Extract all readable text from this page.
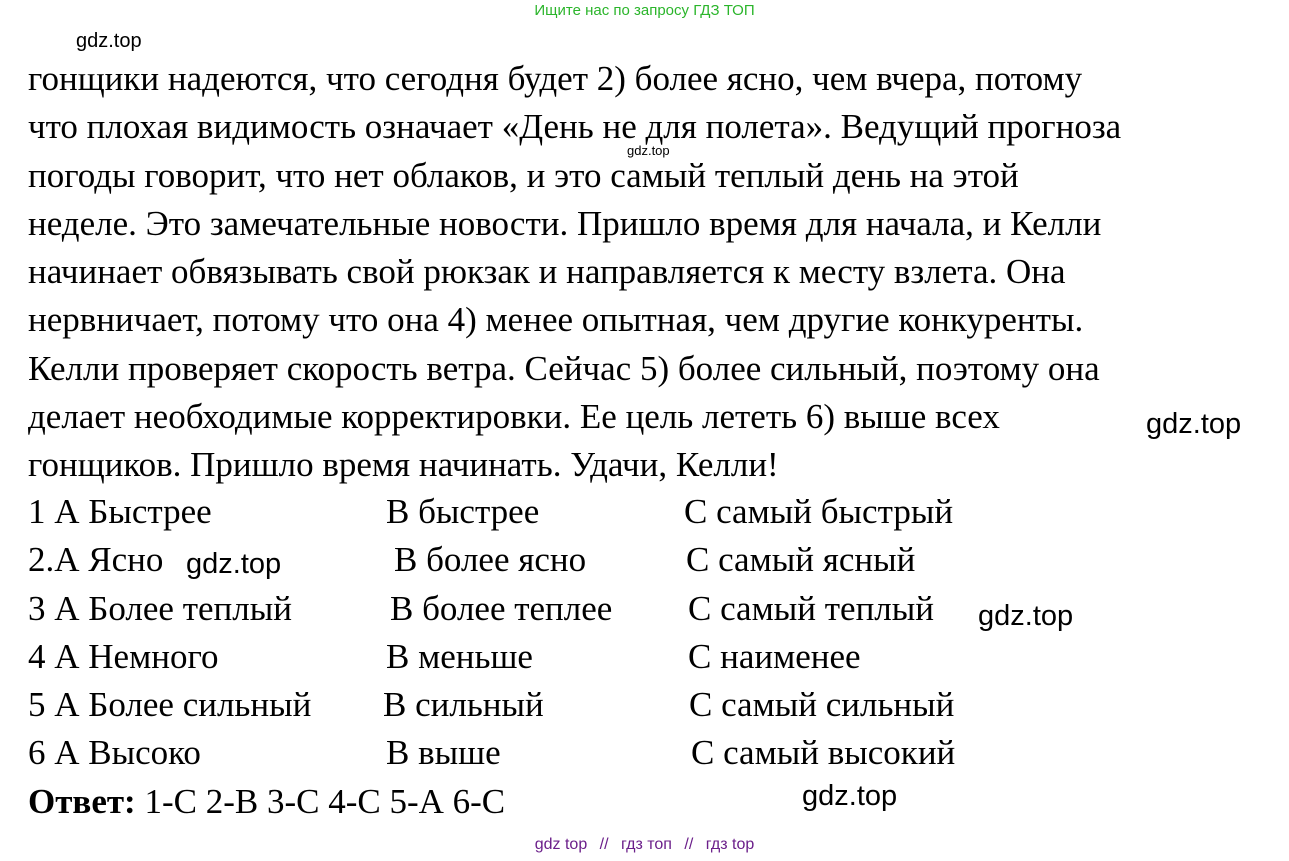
Ищите нас по запросу ГДЗ ТОП
gdz.top
gdz.top
gdz.top
gdz.top
gdz.top
gdz.top
гонщики надеются, что сегодня будет 2) более ясно, чем вчера, потому
что плохая видимость означает «День не для полета». Ведущий прогноза
погоды говорит, что нет облаков, и это самый теплый день на этой
неделе. Это замечательные новости. Пришло время для начала, и Келли
начинает обвязывать свой рюкзак и направляется к месту взлета. Она
нервничает, потому что она 4) менее опытная, чем другие конкуренты.
Келли проверяет скорость ветра. Сейчас 5) более сильный, поэтому она
делает необходимые корректировки. Ее цель лететь 6) выше всех
гонщиков. Пришло время начинать. Удачи, Келли!
1 А Быстрее	В быстрее	С самый быстрый
2.А Ясно	В более ясно	С самый ясный
3 А Более теплый	В более теплее С самый теплый
4 А Немного	В меньше	С наименее
5 А Более сильный В сильный	С самый сильный
6 А Высоко	В выше	С самый высокий
Ответ: 1-С 2-В 3-С 4-С 5-А 6-С
gdz top // гдз топ // гдз top
